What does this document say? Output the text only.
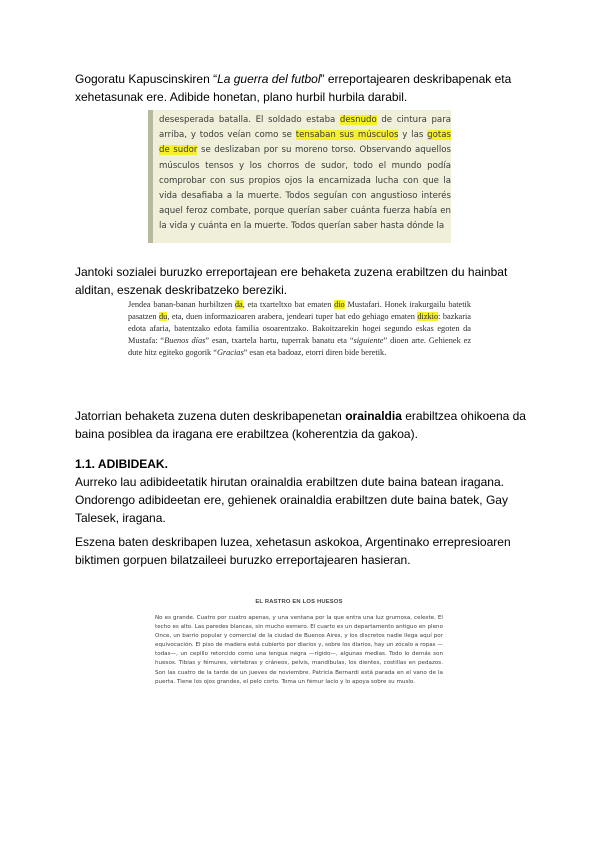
Gogoratu Kapuscinskiren “La guerra del futbol” erreportajearen deskribapenak eta xehetasunak ere. Adibide honetan, plano hurbil hurbila darabil.
desesperada batalla. El soldado estaba desnudo de cintura para arriba, y todos veían como se tensaban sus músculos y las gotas de sudor se deslizaban por su moreno torso. Observando aquellos músculos tensos y los chorros de sudor, todo el mundo podía comprobar con sus propios ojos la encarnizada lucha con que la vida desafiaba a la muerte. Todos seguían con angustioso interés aquel feroz combate, porque querían saber cuánta fuerza había en la vida y cuánta en la muerte. Todos querían saber hasta dónde la
Jantoki sozialei buruzko erreportajean ere behaketa zuzena erabiltzen du hainbat alditan, eszenak deskribatzeko bereziki.
Jendea banan-banan hurbiltzen da, eta txarteltxo bat ematen dio Mustafari. Honek irakurgailu batetik pasatzen du, eta, duen informazioaren arabera, jendeari tuper bat edo gehiago ematen dizkio: bazkaria edota afaria, batentzako edota familia osoarentzako. Bakoitzarekin hogei segundo eskas egoten da Mustafa: “Buenos días” esan, txartela hartu, tuperrak banatu eta “siguiente” dioen arte. Gehienek ez dute hitz egiteko gogorik “Gracias” esan eta badoaz, etorri diren bide beretik.
Jatorrian behaketa zuzena duten deskribapenetan orainaldia erabiltzea ohikoena da baina posiblea da iragana ere erabiltzea (koherentzia da gakoa).
1.1. ADIBIDEAK.
Aurreko lau adibideetatik hirutan orainaldia erabiltzen dute baina batean iragana.
Ondorengo adibideetan ere, gehienek orainaldia erabiltzen dute baina batek, Gay Talesek, iragana.
Eszena baten deskribapen luzea, xehetasun askokoa, Argentinako errepresioaren biktimen gorpuen bilatzaileei buruzko erreportajearen hasieran.
EL RASTRO EN LOS HUESOS
No es grande. Cuatro por cuatro apenas, y una ventana por la que entra una luz grumosa, celeste. El techo es alto. Las paredes blancas, sin mucho esmero. El cuarto es un departamento antiguo en pleno Once, un barrio popular y comercial de la ciudad de Buenos Aires, y los discretos nadie llega aquí por equivocación. El piso de madera está cubierto por diarios y, sobre los diarios, hay un zócalo a ropas —todas—, un cepillo retorcido como una lengua negra —rígido—, algunas medias. Todo lo demás son huesos. Tibias y fémures, vértebras y cráneos, pelvis, mandíbulas, los dientes, costillas en pedazos. Son las cuatro de la tarde de un jueves de noviembre. Patricia Bernardi está parada en el vano de la puerta. Tiene los ojos grandes, el pelo corto. Toma un fémur lacio y lo apoya sobre su muslo.
